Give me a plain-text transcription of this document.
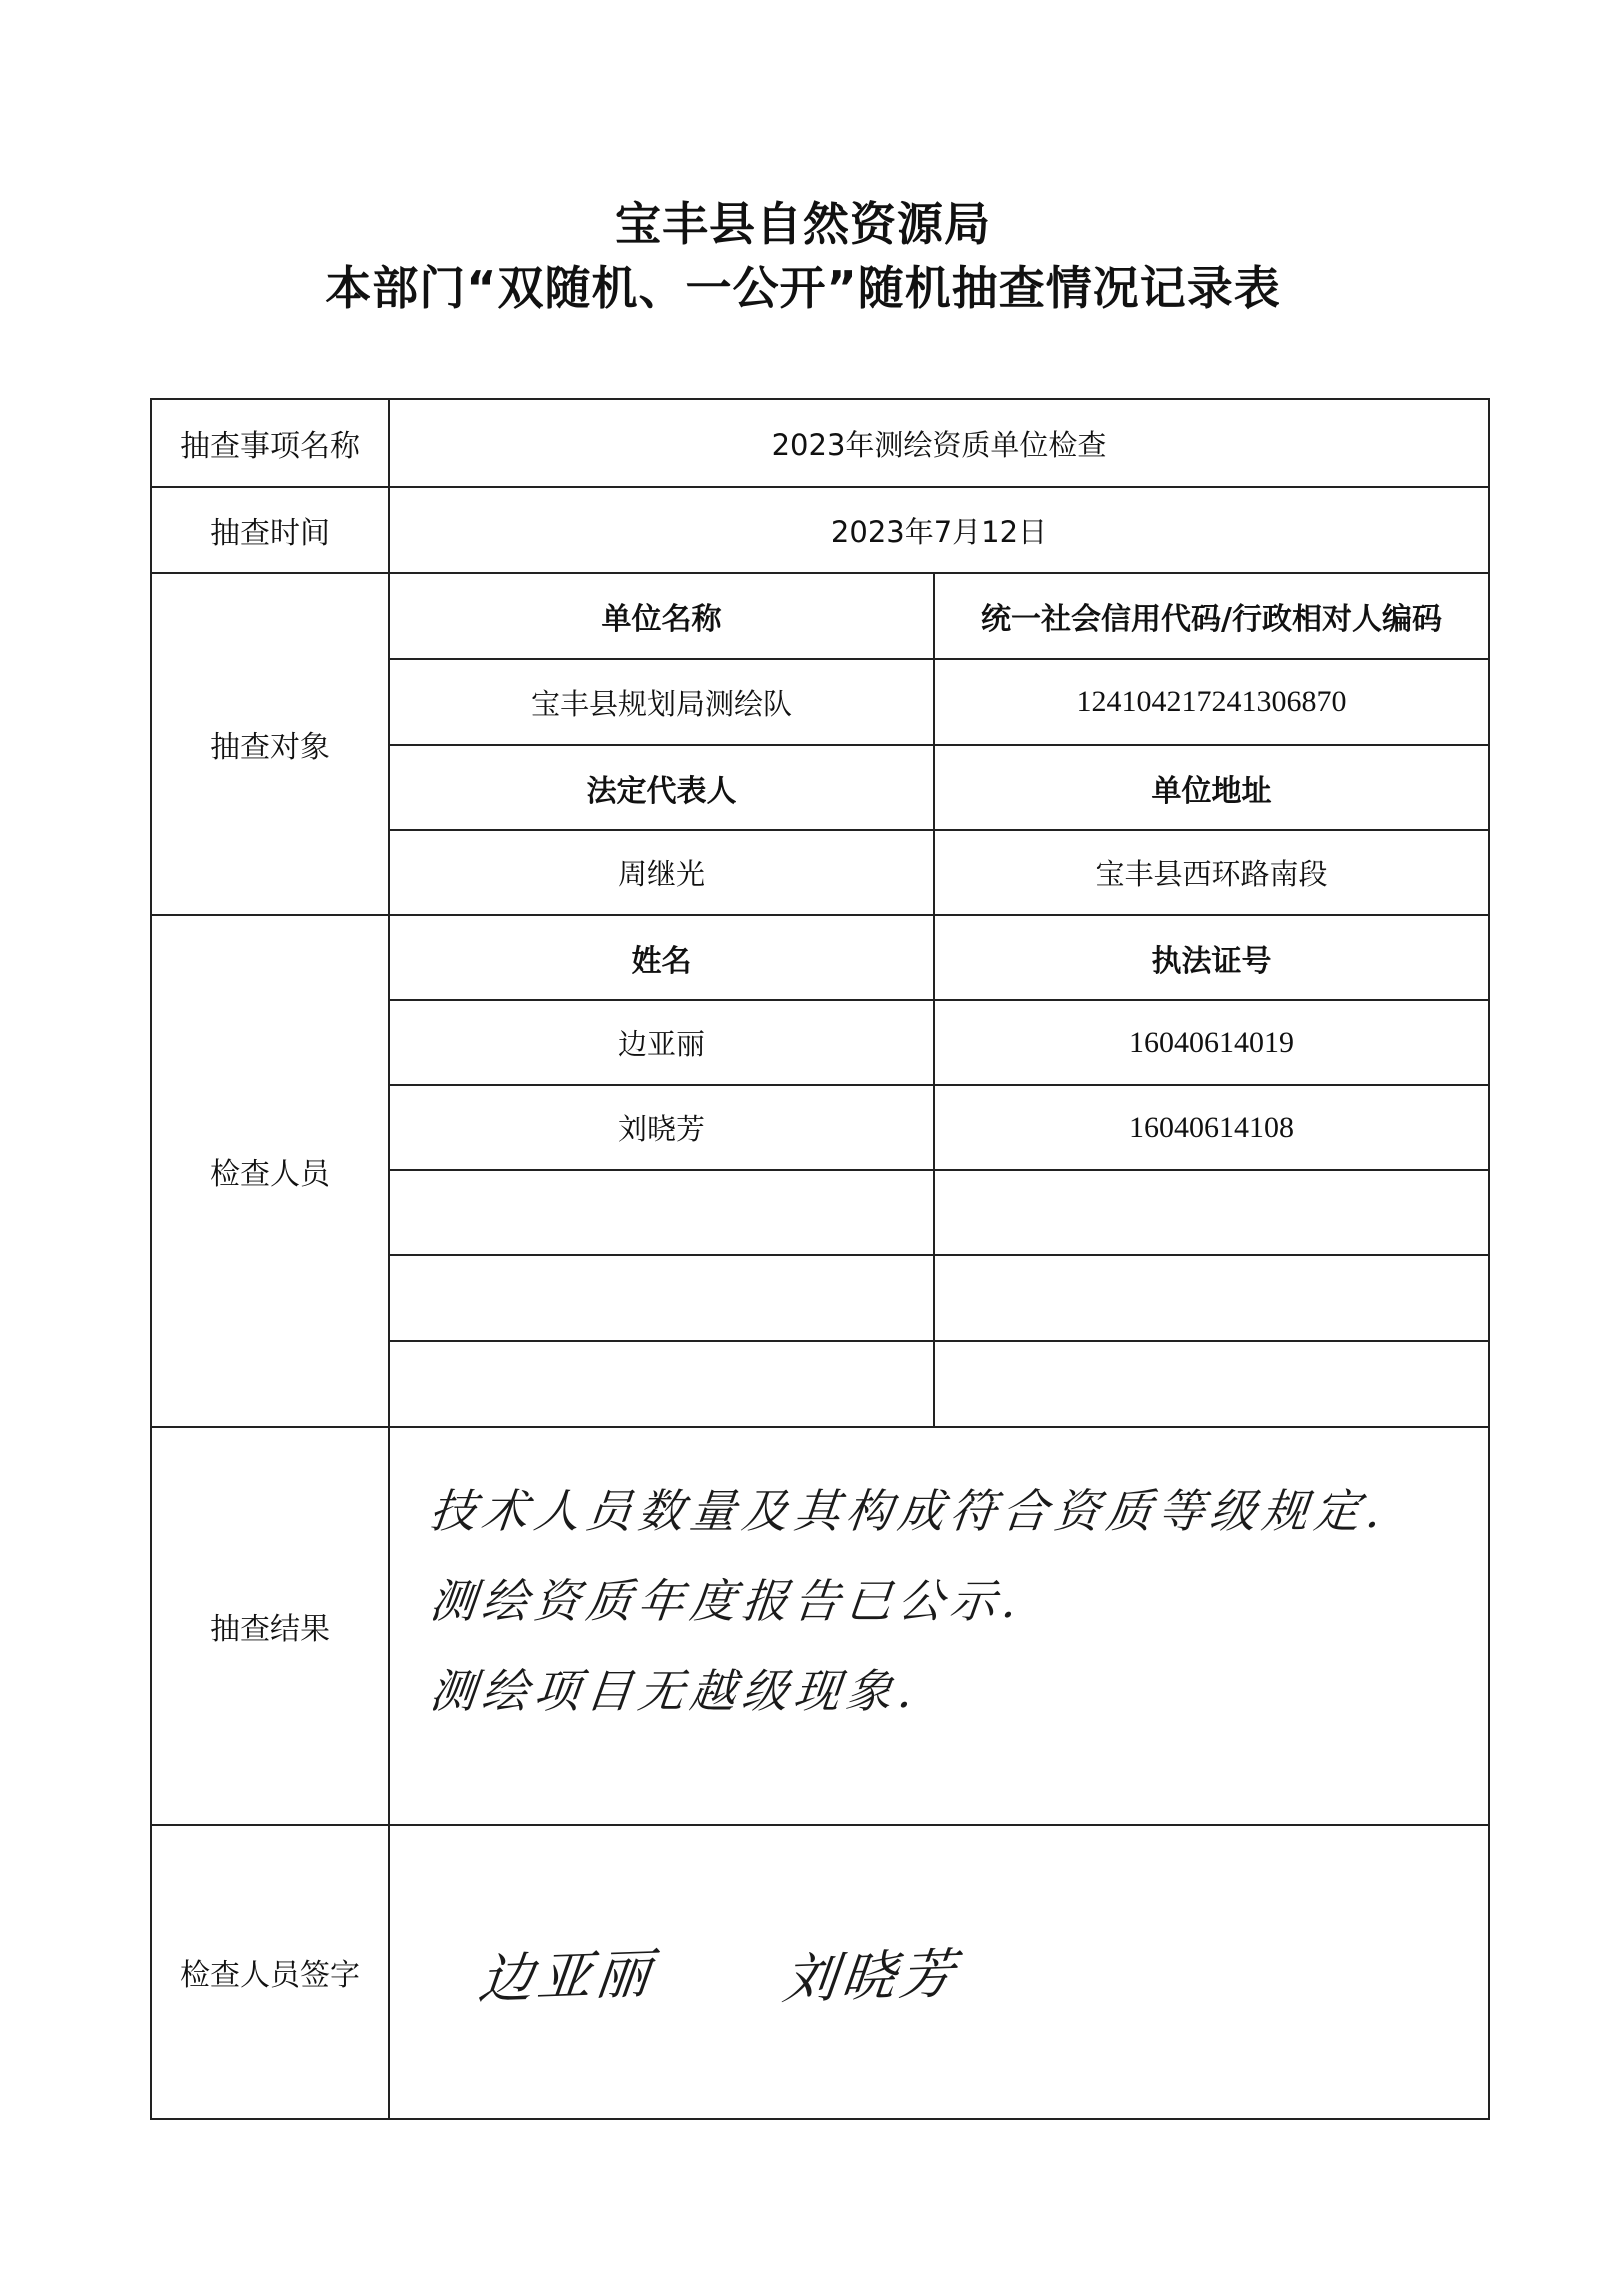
宝丰县自然资源局
本部门“双随机、一公开”随机抽查情况记录表
抽查事项名称	2023年测绘资质单位检查
抽查时间	2023年7月12日
抽查对象
单位名称	统一社会信用代码/行政相对人编码
宝丰县规划局测绘队	124104217241306870
法定代表人	单位地址
周继光	宝丰县西环路南段
检查人员
姓名	执法证号
边亚丽	16040614019
刘晓芳	16040614108
抽查结果
技术人员数量及其构成符合资质等级规定.
测绘资质年度报告已公示.
测绘项目无越级现象.
检查人员签字	边亚丽 刘晓芳
